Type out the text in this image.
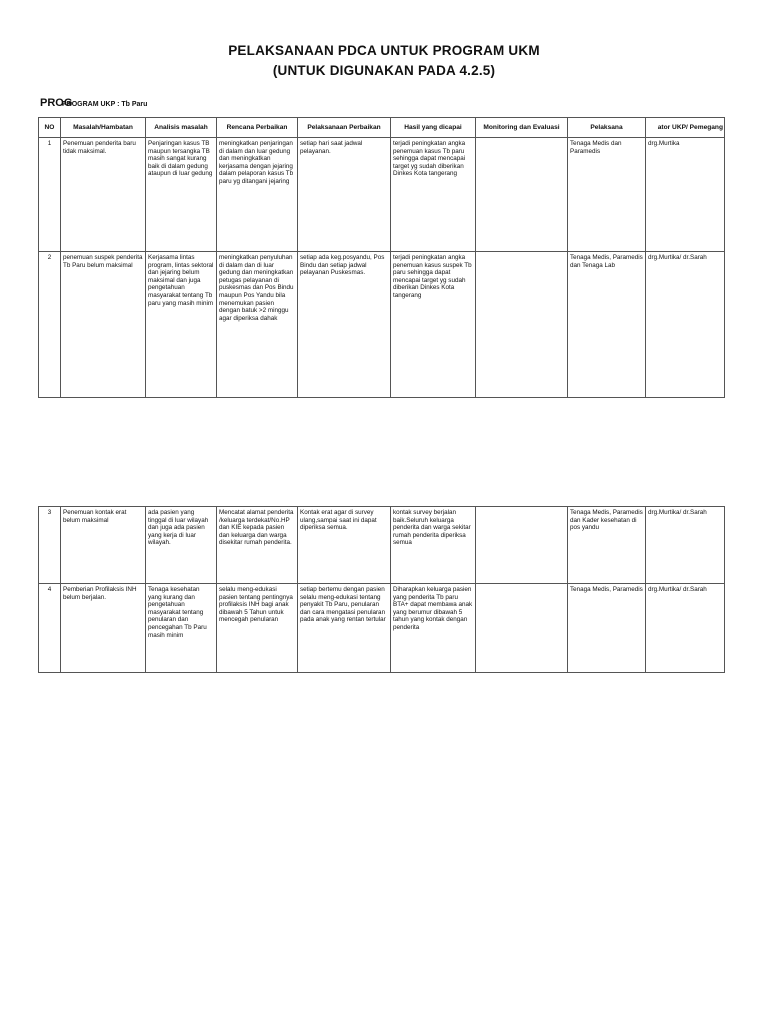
PELAKSANAAN PDCA UNTUK PROGRAM UKM
(UNTUK DIGUNAKAN PADA 4.2.5)
PROGPROGRAM UKP : Tb Paru
NO	Masalah/Hambatan	Analisis masalah	Rencana Perbaikan	Pelaksanaan Perbaikan	Hasil yang dicapai	Monitoring dan Evaluasi	Pelaksana	ator UKP/ Pemegang
1	Penemuan penderita baru tidak maksimal.	Penjaringan kasus TB maupun tersangka TB masih sangat kurang baik di dalam gedung ataupun di luar gedung	meningkatkan penjaringan di dalam dan luar gedung dan meningkatkan kerjasama dengan jejaring dalam pelaporan kasus Tb paru yg ditangani jejaring	setiap hari saat jadwal pelayanan.	terjadi peningkatan angka penemuan kasus Tb paru sehingga dapat mencapai target yg sudah diberikan Dinkes Kota tangerang		Tenaga Medis dan Paramedis	drg.Murtika
2	penemuan suspek penderita Tb Paru belum maksimal	Kerjasama lintas program, lintas sektoral dan jejaring belum maksimal dan juga pengetahuan masyarakat tentang Tb paru yang masih minim	meningkatkan penyuluhan di dalam dan di luar gedung dan meningkatkan petugas pelayanan di puskesmas dan Pos Bindu maupun Pos Yandu bila menemukan pasien dengan batuk >2 minggu agar diperiksa dahak	setiap ada keg.posyandu, Pos Bindu dan setiap jadwal pelayanan Puskesmas.	terjadi peningkatan angka penemuan kasus suspek Tb paru sehingga dapat mencapai target yg sudah diberikan Dinkes Kota tangerang		Tenaga Medis, Paramedis dan Tenaga Lab	drg.Murtika/ dr.Sarah
3	Penemuan kontak erat belum maksimal	ada pasien yang tinggal di luar wilayah dan juga ada pasien yang kerja di luar wilayah.	Mencatat alamat penderita /keluarga terdekat/No.HP dan KIE kepada pasien dan keluarga dan warga disekitar rumah penderita.	Kontak erat agar di survey ulang,sampai saat ini dapat diperiksa semua.	kontak survey berjalan baik.Seluruh keluarga penderita dan warga sekitar rumah penderita diperiksa semua		Tenaga Medis, Paramedis dan Kader kesehatan di pos yandu	drg.Murtika/ dr.Sarah
4	Pemberian Profilaksis INH belum berjalan.	Tenaga kesehatan yang kurang dan pengetahuan masyarakat tentang penularan dan pencegahan Tb Paru masih minim	selalu meng-edukasi pasien tentang pentingnya profilaksis INH bagi anak dibawah 5 Tahun untuk mencegah penularan	setiap bertemu dengan pasien selalu meng-edukasi tentang penyakit Tb Paru, penularan dan cara mengatasi penularan pada anak yang rentan tertular	Diharapkan keluarga pasien yang penderita Tb paru BTA+ dapat membawa anak yang berumur dibawah 5 tahun yang kontak dengan penderita		Tenaga Medis, Paramedis	drg.Murtika/ dr.Sarah
